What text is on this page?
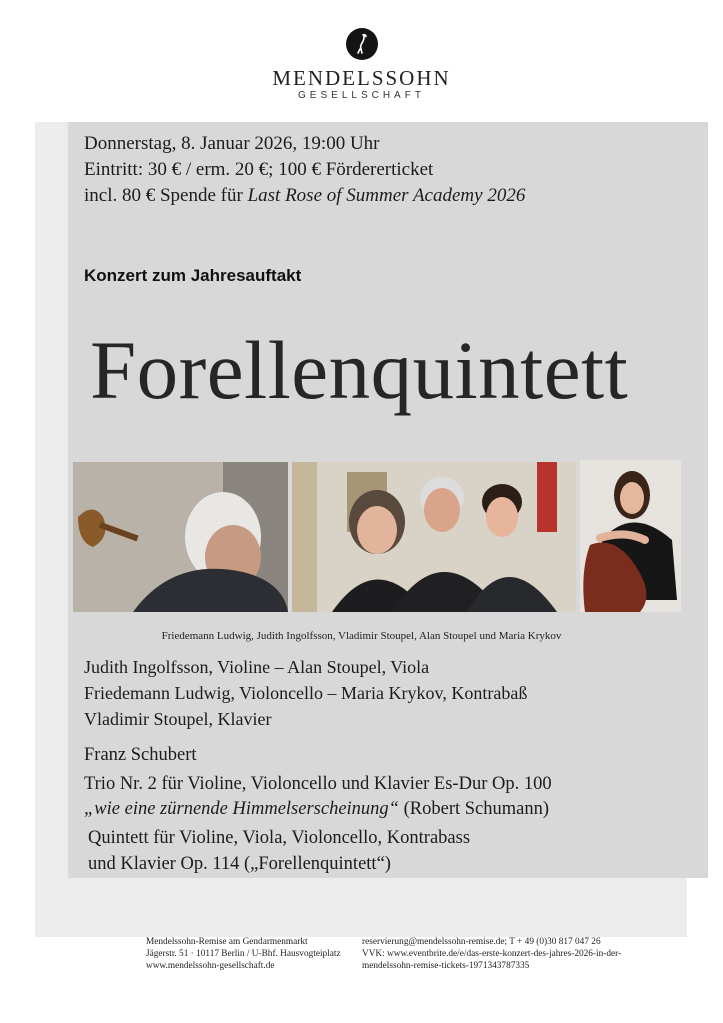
MENDELSSOHN
GESELLSCHAFT
Donnerstag, 8. Januar 2026, 19:00 Uhr
Eintritt: 30 € / erm. 20 €; 100 € Fördererticket
incl. 80 € Spende für Last Rose of Summer Academy 2026
Konzert zum Jahresauftakt
Forellenquintett
Friedemann Ludwig, Judith Ingolfsson, Vladimir Stoupel, Alan Stoupel und Maria Krykov
Judith Ingolfsson, Violine – Alan Stoupel, Viola
Friedemann Ludwig, Violoncello – Maria Krykov, Kontrabaß
Vladimir Stoupel, Klavier
Franz Schubert
Trio Nr. 2 für Violine, Violoncello und Klavier Es-Dur Op. 100
„wie eine zürnende Himmelserscheinung“ (Robert Schumann)
Quintett für Violine, Viola, Violoncello, Kontrabass
und Klavier Op. 114 („Forellenquintett“)
Mendelssohn-Remise am Gendarmenmarkt
Jägerstr. 51 · 10117 Berlin / U-Bhf. Hausvogteiplatz
www.mendelssohn-gesellschaft.de
reservierung@mendelssohn-remise.de; T + 49 (0)30 817 047 26
VVK: www.eventbrite.de/e/das-erste-konzert-des-jahres-2026-in-der-
mendelssohn-remise-tickets-1971343787335
